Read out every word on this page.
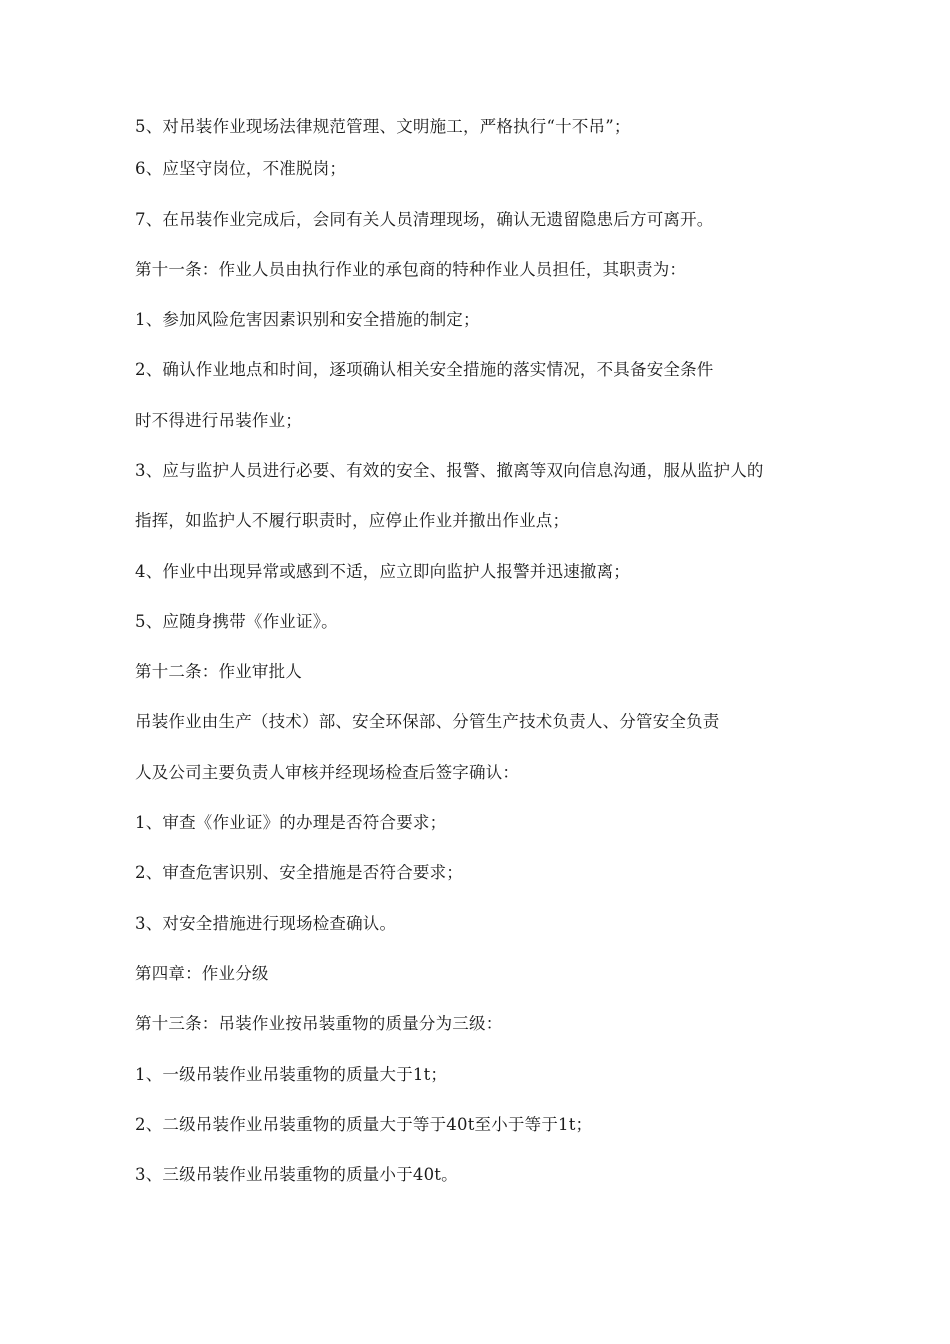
5、对吊装作业现场法律规范管理、文明施工，严格执行“十不吊”；
6、应坚守岗位，不准脱岗；
7、在吊装作业完成后，会同有关人员清理现场，确认无遗留隐患后方可离开。
第十一条：作业人员由执行作业的承包商的特种作业人员担任，其职责为：
1、参加风险危害因素识别和安全措施的制定；
2、确认作业地点和时间，逐项确认相关安全措施的落实情况，不具备安全条件
时不得进行吊装作业；
3、应与监护人员进行必要、有效的安全、报警、撤离等双向信息沟通，服从监护人的
指挥，如监护人不履行职责时，应停止作业并撤出作业点；
4、作业中出现异常或感到不适，应立即向监护人报警并迅速撤离；
5、应随身携带《作业证》。
第十二条：作业审批人
吊装作业由生产（技术）部、安全环保部、分管生产技术负责人、分管安全负责
人及公司主要负责人审核并经现场检查后签字确认：
1、审查《作业证》的办理是否符合要求；
2、审查危害识别、安全措施是否符合要求；
3、对安全措施进行现场检查确认。
第四章：作业分级
第十三条：吊装作业按吊装重物的质量分为三级：
1、一级吊装作业吊装重物的质量大于1t；
2、二级吊装作业吊装重物的质量大于等于40t至小于等于1t；
3、三级吊装作业吊装重物的质量小于40t。
